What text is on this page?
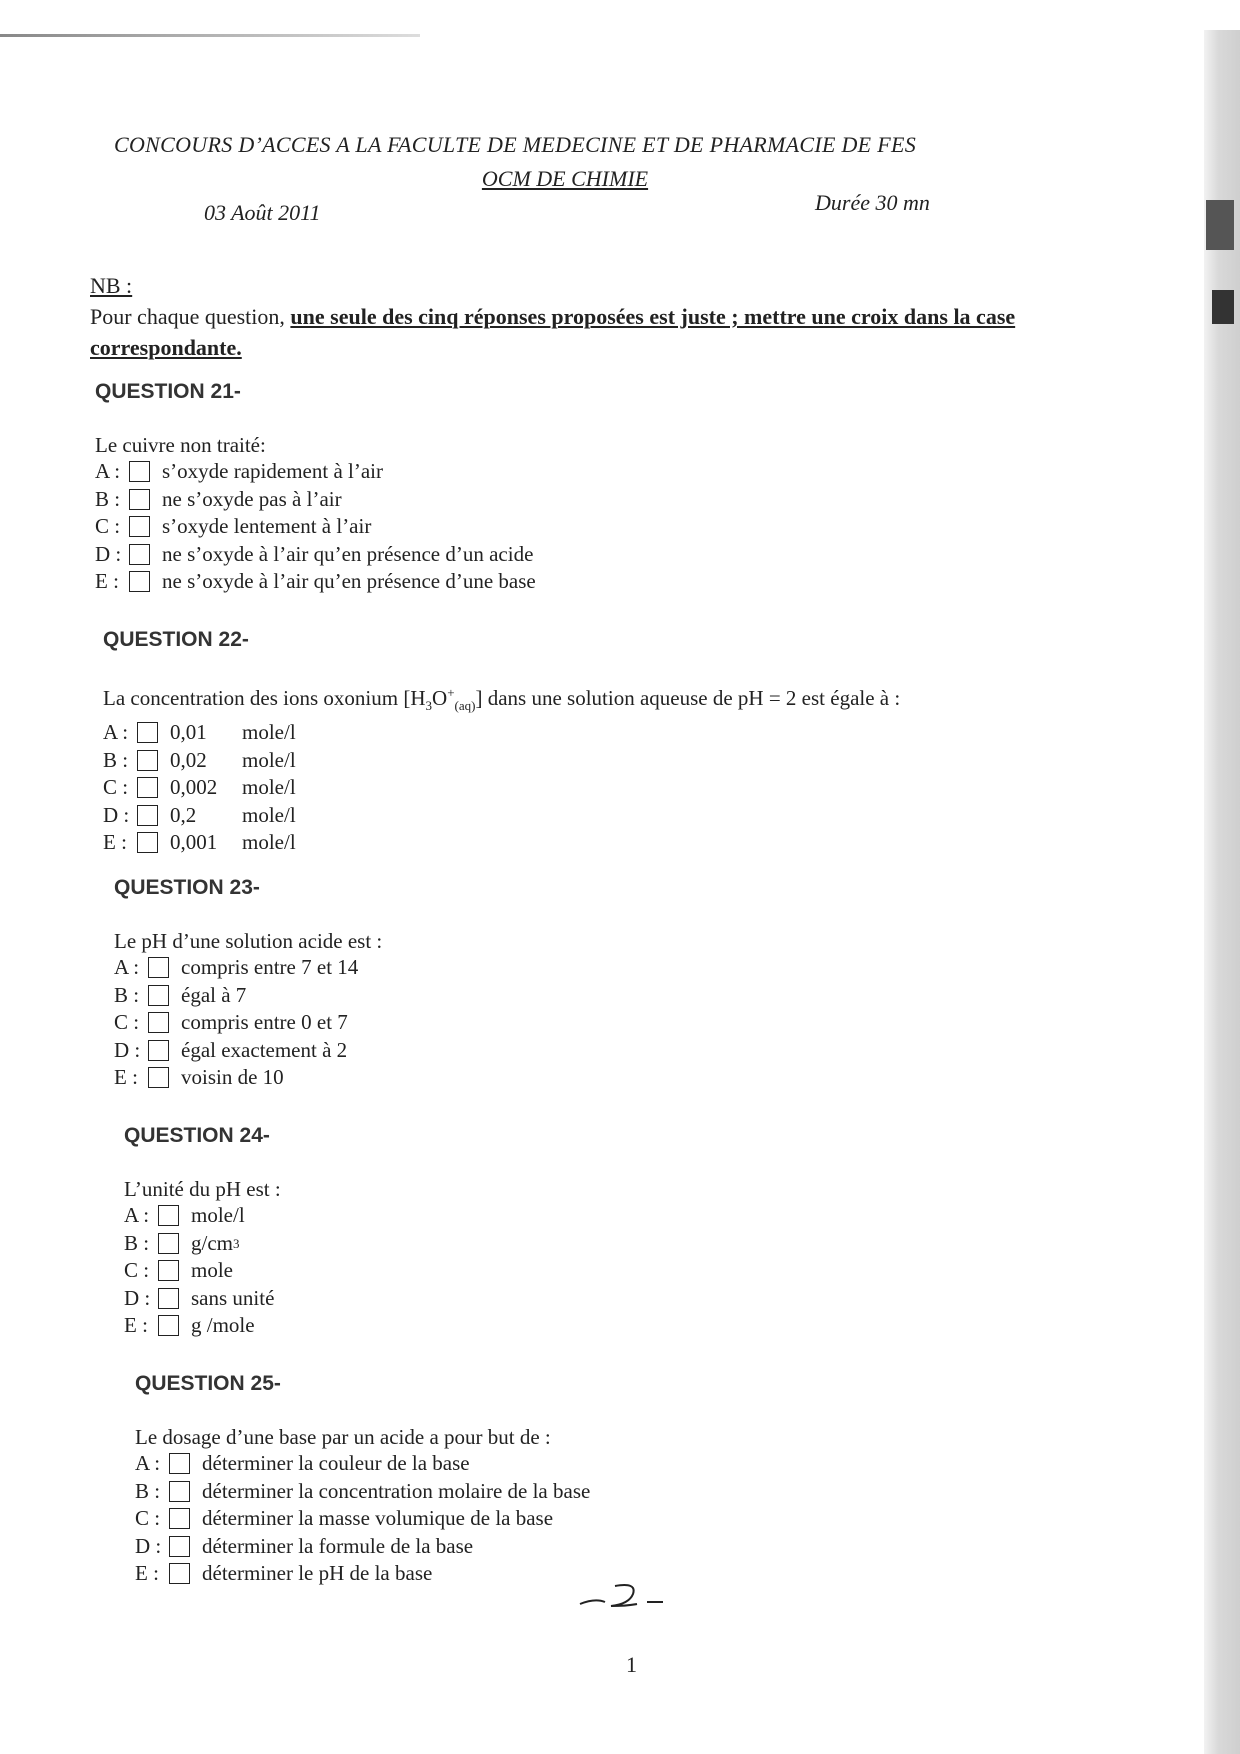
CONCOURS D’ACCES A LA FACULTE DE MEDECINE ET DE PHARMACIE DE FES
OCM DE CHIMIE
03 Août 2011	Durée 30 mn
NB :
Pour chaque question, une seule des cinq réponses proposées est juste ; mettre une croix dans la case correspondante.
QUESTION 21-
Le cuivre non traité:
A :	s’oxyde rapidement à l’air
B :	ne s’oxyde pas à l’air
C :	s’oxyde lentement à l’air
D :	ne s’oxyde à l’air qu’en présence d’un acide
E :	ne s’oxyde à l’air qu’en présence d’une base
QUESTION 22-
La concentration des ions oxonium $[H_3O^+_{(aq)}]$ dans une solution aqueuse de pH = 2 est égale à :
A :	0,01	mole/l
B :	0,02	mole/l
C :	0,002	mole/l
D :	0,2	mole/l
E :	0,001	mole/l
QUESTION 23-
Le pH d’une solution acide est :
A :	compris entre 7 et 14
B :	égal à 7
C :	compris entre 0 et 7
D :	égal exactement à 2
E :	voisin de 10
QUESTION 24-
L’unité du pH est :
A :	mole/l
B :	g/cm 3
C :	mole
D :	sans unité
E :	g /mole
QUESTION 25-
Le dosage d’une base par un acide a pour but de :
A :	déterminer la couleur de la base
B :	déterminer la concentration molaire de la base
C :	déterminer la masse volumique de la base
D :	déterminer la formule de la base
E :	déterminer le pH de la base
1
